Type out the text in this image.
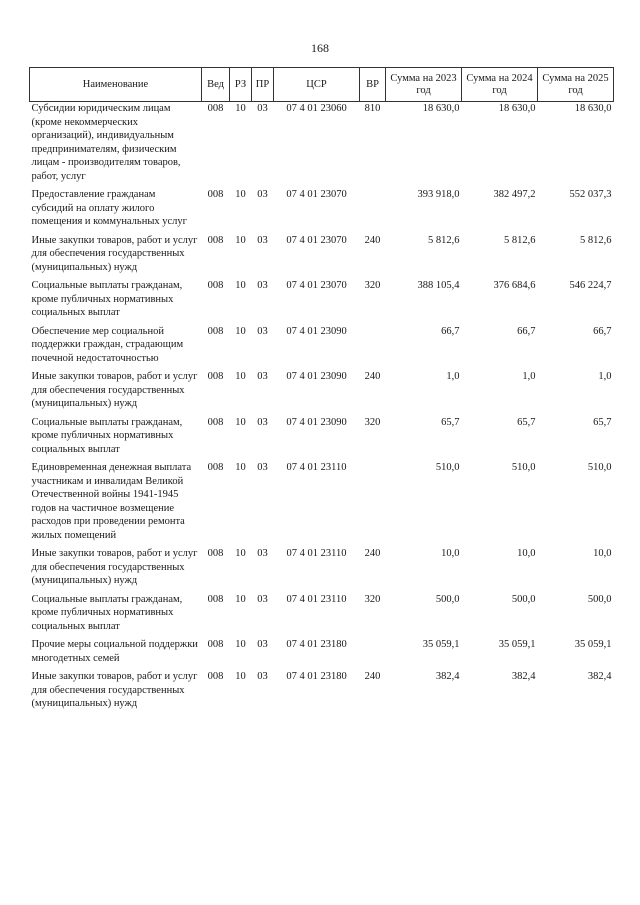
168
Наименование	Вед	РЗ	ПР	ЦСР	ВР	Сумма на 2023 год	Сумма на 2024 год	Сумма на 2025 год
Субсидии юридическим лицам (кроме некоммерческих организаций), индивидуальным предпринимателям, физическим лицам - производителям товаров, работ, услуг	008	10	03	07 4 01 23060	810	18 630,0	18 630,0	18 630,0
Предоставление гражданам субсидий на оплату жилого помещения и коммунальных услуг	008	10	03	07 4 01 23070		393 918,0	382 497,2	552 037,3
Иные закупки товаров, работ и услуг для обеспечения государственных (муниципальных) нужд	008	10	03	07 4 01 23070	240	5 812,6	5 812,6	5 812,6
Социальные выплаты гражданам, кроме публичных нормативных социальных выплат	008	10	03	07 4 01 23070	320	388 105,4	376 684,6	546 224,7
Обеспечение мер социальной поддержки граждан, страдающим почечной недостаточностью	008	10	03	07 4 01 23090		66,7	66,7	66,7
Иные закупки товаров, работ и услуг для обеспечения государственных (муниципальных) нужд	008	10	03	07 4 01 23090	240	1,0	1,0	1,0
Социальные выплаты гражданам, кроме публичных нормативных социальных выплат	008	10	03	07 4 01 23090	320	65,7	65,7	65,7
Единовременная денежная выплата участникам и инвалидам Великой Отечественной войны 1941-1945 годов на частичное возмещение расходов при проведении ремонта жилых помещений	008	10	03	07 4 01 23110		510,0	510,0	510,0
Иные закупки товаров, работ и услуг для обеспечения государственных (муниципальных) нужд	008	10	03	07 4 01 23110	240	10,0	10,0	10,0
Социальные выплаты гражданам, кроме публичных нормативных социальных выплат	008	10	03	07 4 01 23110	320	500,0	500,0	500,0
Прочие меры социальной поддержки многодетных семей	008	10	03	07 4 01 23180		35 059,1	35 059,1	35 059,1
Иные закупки товаров, работ и услуг для обеспечения государственных (муниципальных) нужд	008	10	03	07 4 01 23180	240	382,4	382,4	382,4
